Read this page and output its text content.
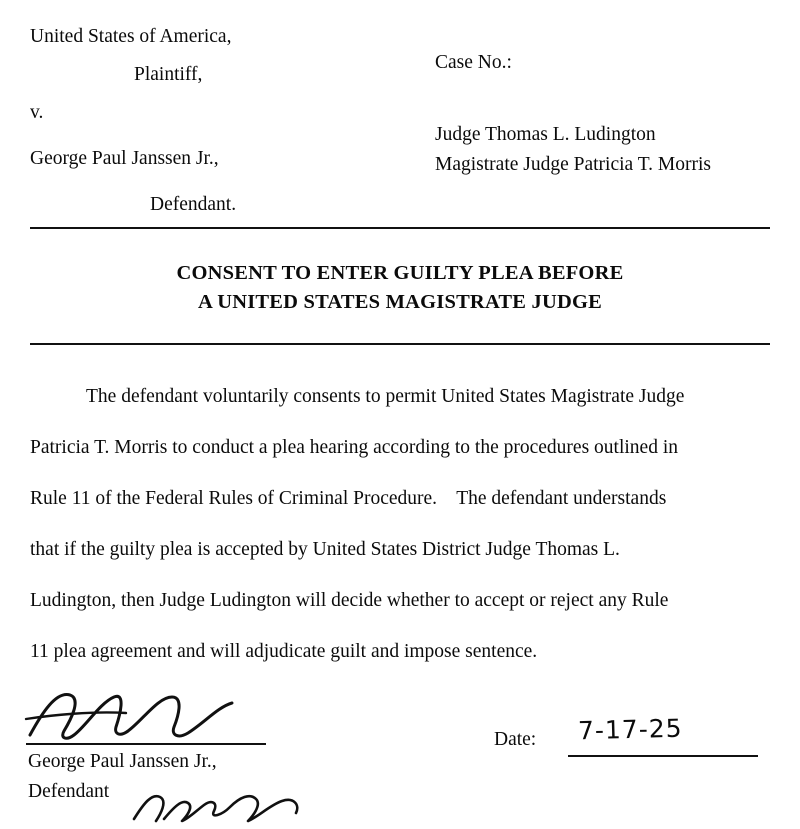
United States of America,
Plaintiff,
v.
George Paul Janssen Jr.,
Defendant.
Case No.:
Judge Thomas L. Ludington
Magistrate Judge Patricia T. Morris
CONSENT TO ENTER GUILTY PLEA BEFORE
A UNITED STATES MAGISTRATE JUDGE
The defendant voluntarily consents to permit United States Magistrate Judge
Patricia T. Morris to conduct a plea hearing according to the procedures outlined in
Rule 11 of the Federal Rules of Criminal Procedure.    The defendant understands
that if the guilty plea is accepted by United States District Judge Thomas L.
Ludington, then Judge Ludington will decide whether to accept or reject any Rule
11 plea agreement and will adjudicate guilt and impose sentence.
George Paul Janssen Jr.,
Defendant
Date: 7-17-25
